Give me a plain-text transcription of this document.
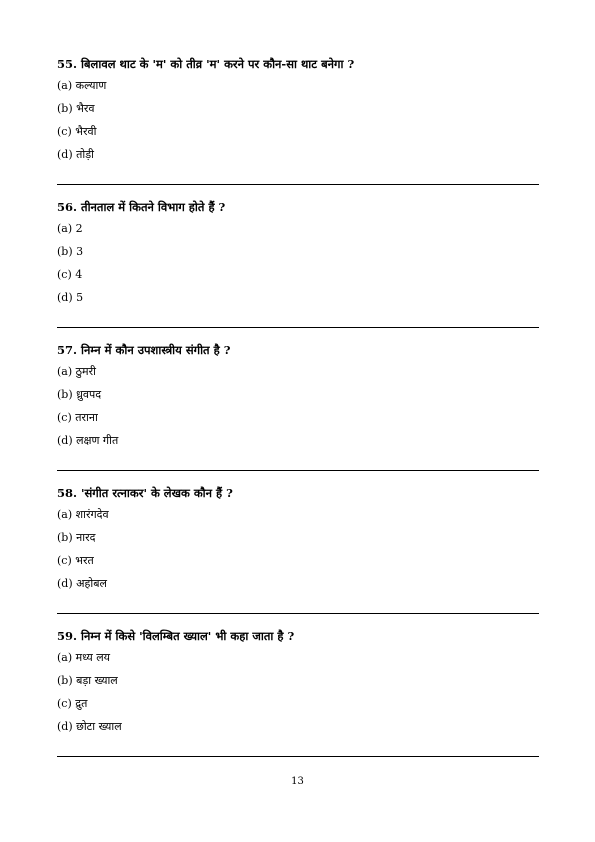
55. बिलावल थाट के 'म' को तीव्र 'म' करने पर कौन-सा थाट बनेगा ?

(a) कल्याण
(b) भैरव
(c) भैरवी
(d) तोड़ी

56. तीनताल में कितने विभाग होते हैं ?

(a) 2
(b) 3
(c) 4
(d) 5

57. निम्न में कौन उपशास्त्रीय संगीत है ?

(a) ठुमरी
(b) ध्रुवपद
(c) तराना
(d) लक्षण गीत

58. 'संगीत रत्नाकर' के लेखक कौन हैं ?

(a) शारंगदेव
(b) नारद
(c) भरत
(d) अहोबल

59. निम्न में किसे 'विलम्बित ख्याल' भी कहा जाता है ?

(a) मध्य लय
(b) बड़ा ख्याल
(c) द्रुत
(d) छोटा ख्याल
13
